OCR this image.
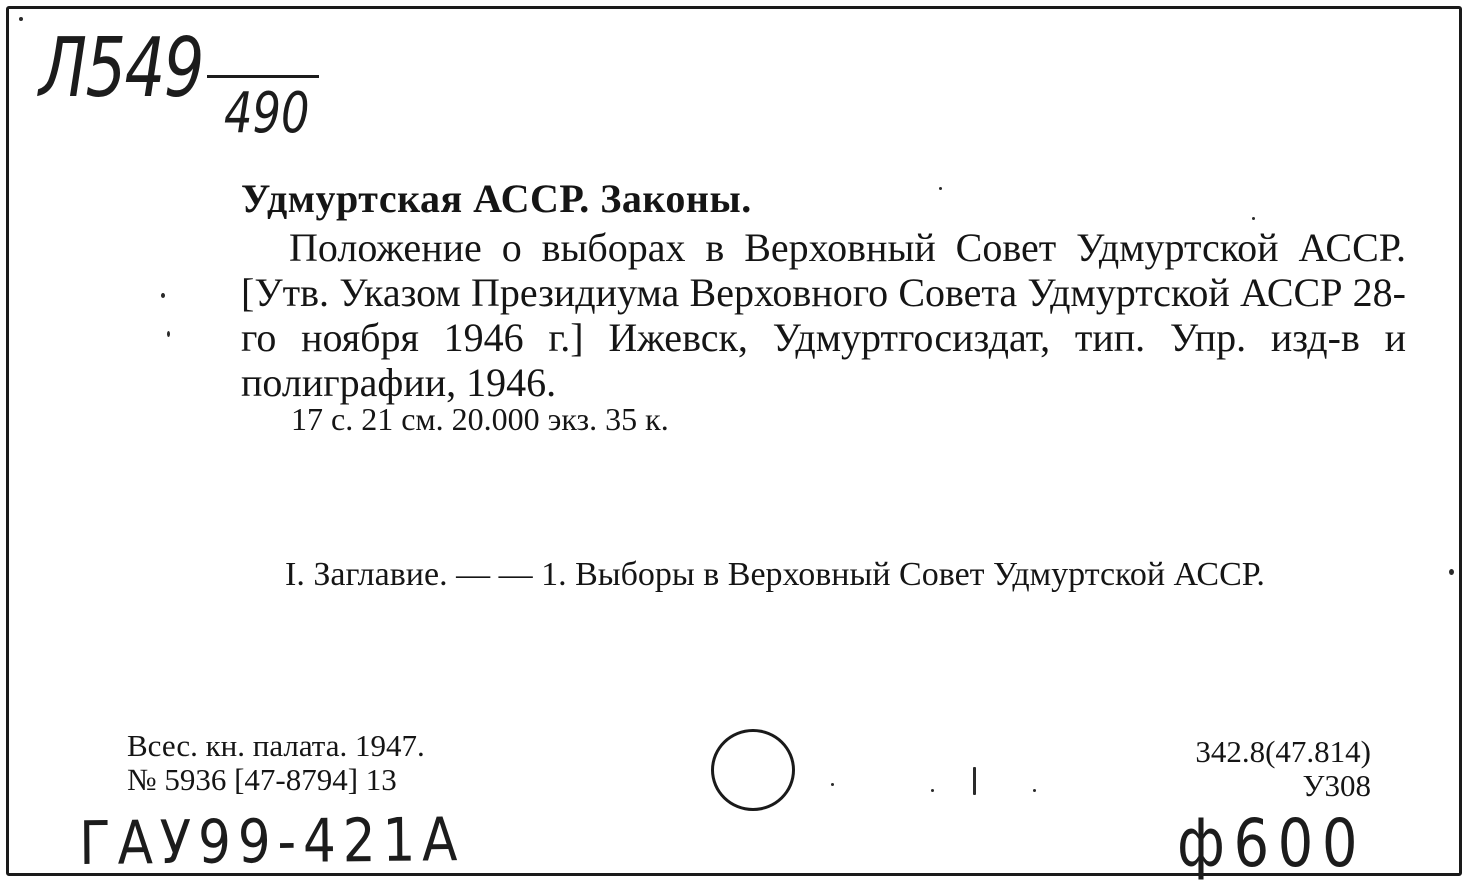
Л549 490
Удмуртская АССР. Законы.
Положение о выборах в Верховный Совет Удмуртской АССР. [Утв. Указом Президиума Верховного Совета Удмуртской АССР 28-го ноября 1946 г.] Ижевск, Удмуртгосиздат, тип. Упр. изд-в и полиграфии, 1946.
17 с. 21 см. 20.000 экз. 35 к.
I. Заглавие. — — 1. Выборы в Верховный Совет Удмуртской АССР.
Всес. кн. палата. 1947.
№ 5936 [47-8794] 13
342.8(47.814)
У308
ГАУ99-421А	ф600
